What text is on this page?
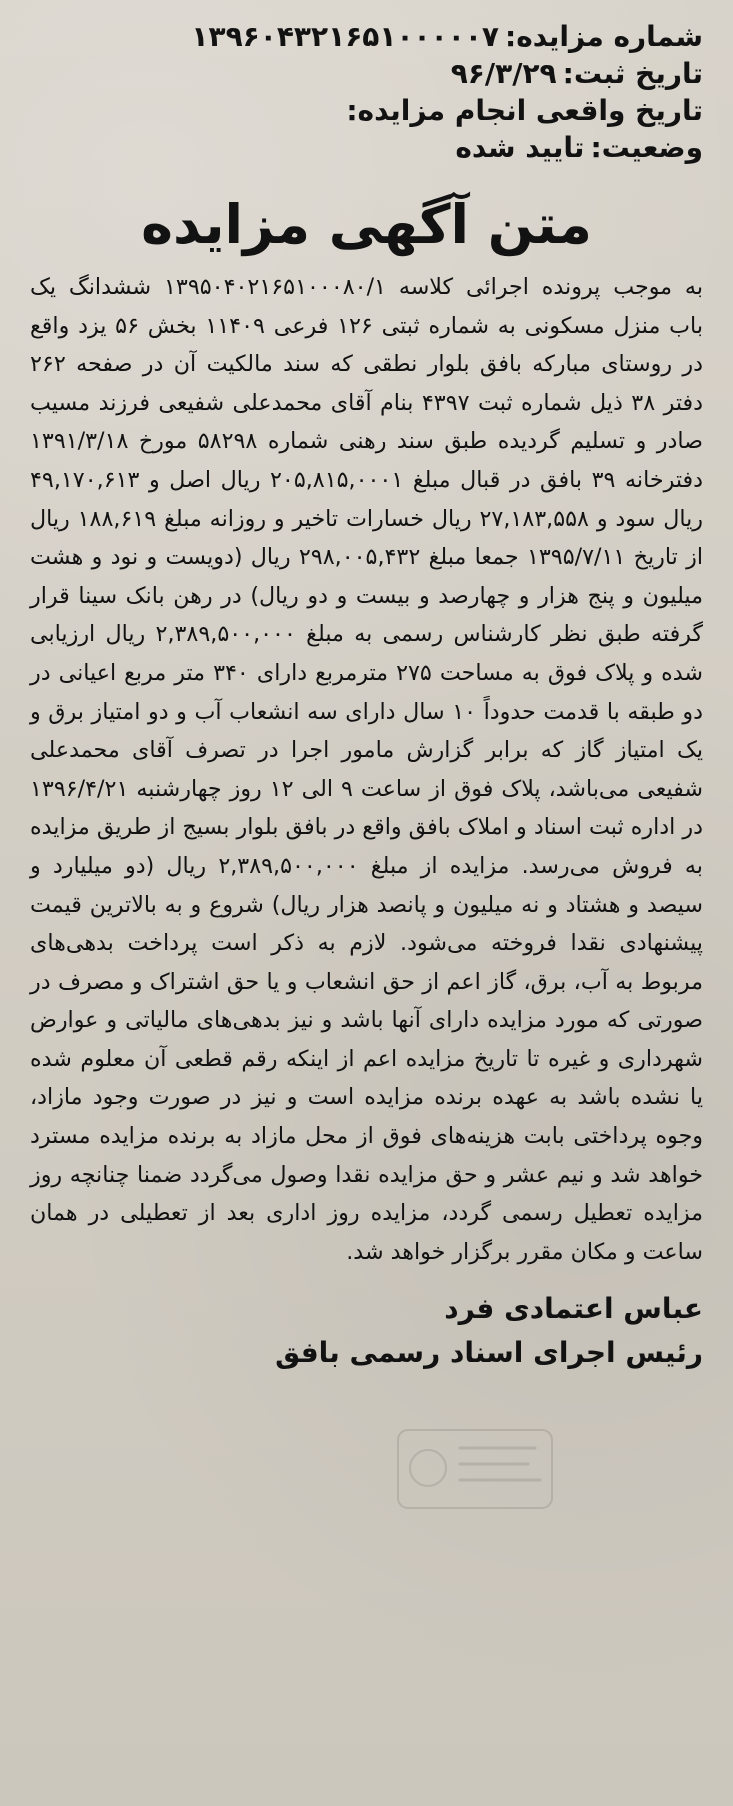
شماره مزایده:۱۳۹۶۰۴۳۲۱۶۵۱۰۰۰۰۰۷
تاریخ ثبت:۹۶/۳/۲۹
تاریخ واقعی انجام مزایده:
وضعیت:تایید شده
متن آگهی مزایده

به موجب پرونده اجرائی کلاسه ۱۳۹۵۰۴۰۲۱۶۵۱۰۰۰۸۰/۱ ششدانگ یک باب منزل مسکونی به شماره ثبتی ۱۲۶ فرعی ۱۱۴۰۹ بخش ۵۶ یزد واقع در روستای مبارکه بافق بلوار نطقی که سند مالکیت آن در صفحه ۲۶۲ دفتر ۳۸ ذیل شماره ثبت ۴۳۹۷ بنام آقای محمدعلی شفیعی فرزند مسیب صادر و تسلیم گردیده طبق سند رهنی شماره ۵۸۲۹۸ مورخ ۱۳۹۱/۳/۱۸ دفترخانه ۳۹ بافق در قبال مبلغ ۲۰۵,۸۱۵,۰۰۰۱ ریال اصل و ۴۹,۱۷۰,۶۱۳ ریال سود و ۲۷,۱۸۳,۵۵۸ ریال خسارات تاخیر و روزانه مبلغ ۱۸۸,۶۱۹ ریال از تاریخ ۱۳۹۵/۷/۱۱ جمعا مبلغ ۲۹۸,۰۰۵,۴۳۲ ریال (دویست و نود و هشت میلیون و پنج هزار و چهارصد و بیست و دو ریال) در رهن بانک سینا قرار گرفته طبق نظر کارشناس رسمی به مبلغ ۲,۳۸۹,۵۰۰,۰۰۰ ریال ارزیابی شده و پلاک فوق به مساحت ۲۷۵ مترمربع دارای ۳۴۰ متر مربع اعیانی در دو طبقه با قدمت حدوداً ۱۰ سال دارای سه انشعاب آب و دو امتیاز برق و یک امتیاز گاز که برابر گزارش مامور اجرا در تصرف آقای محمدعلی شفیعی می‌باشد، پلاک فوق از ساعت ۹ الی ۱۲ روز چهارشنبه ۱۳۹۶/۴/۲۱ در اداره ثبت اسناد و املاک بافق واقع در بافق بلوار بسیج از طریق مزایده به فروش می‌رسد. مزایده از مبلغ ۲,۳۸۹,۵۰۰,۰۰۰ ریال (دو میلیارد و سیصد و هشتاد و نه میلیون و پانصد هزار ریال) شروع و به بالاترین قیمت پیشنهادی نقدا فروخته می‌شود. لازم به ذکر است پرداخت بدهی‌های مربوط به آب، برق، گاز اعم از حق انشعاب و یا حق اشتراک و مصرف در صورتی که مورد مزایده دارای آنها باشد و نیز بدهی‌های مالیاتی و عوارض شهرداری و غیره تا تاریخ مزایده اعم از اینکه رقم قطعی آن معلوم شده یا نشده باشد به عهده برنده مزایده است و نیز در صورت وجود مازاد، وجوه پرداختی بابت هزینه‌های فوق از محل مازاد به برنده مزایده مسترد خواهد شد و نیم عشر و حق مزایده نقدا وصول می‌گردد ضمنا چنانچه روز مزایده تعطیل رسمی گردد، مزایده روز اداری بعد از تعطیلی در همان ساعت و مکان مقرر برگزار خواهد شد.

عباس اعتمادی فرد
رئیس اجرای اسناد رسمی بافق
